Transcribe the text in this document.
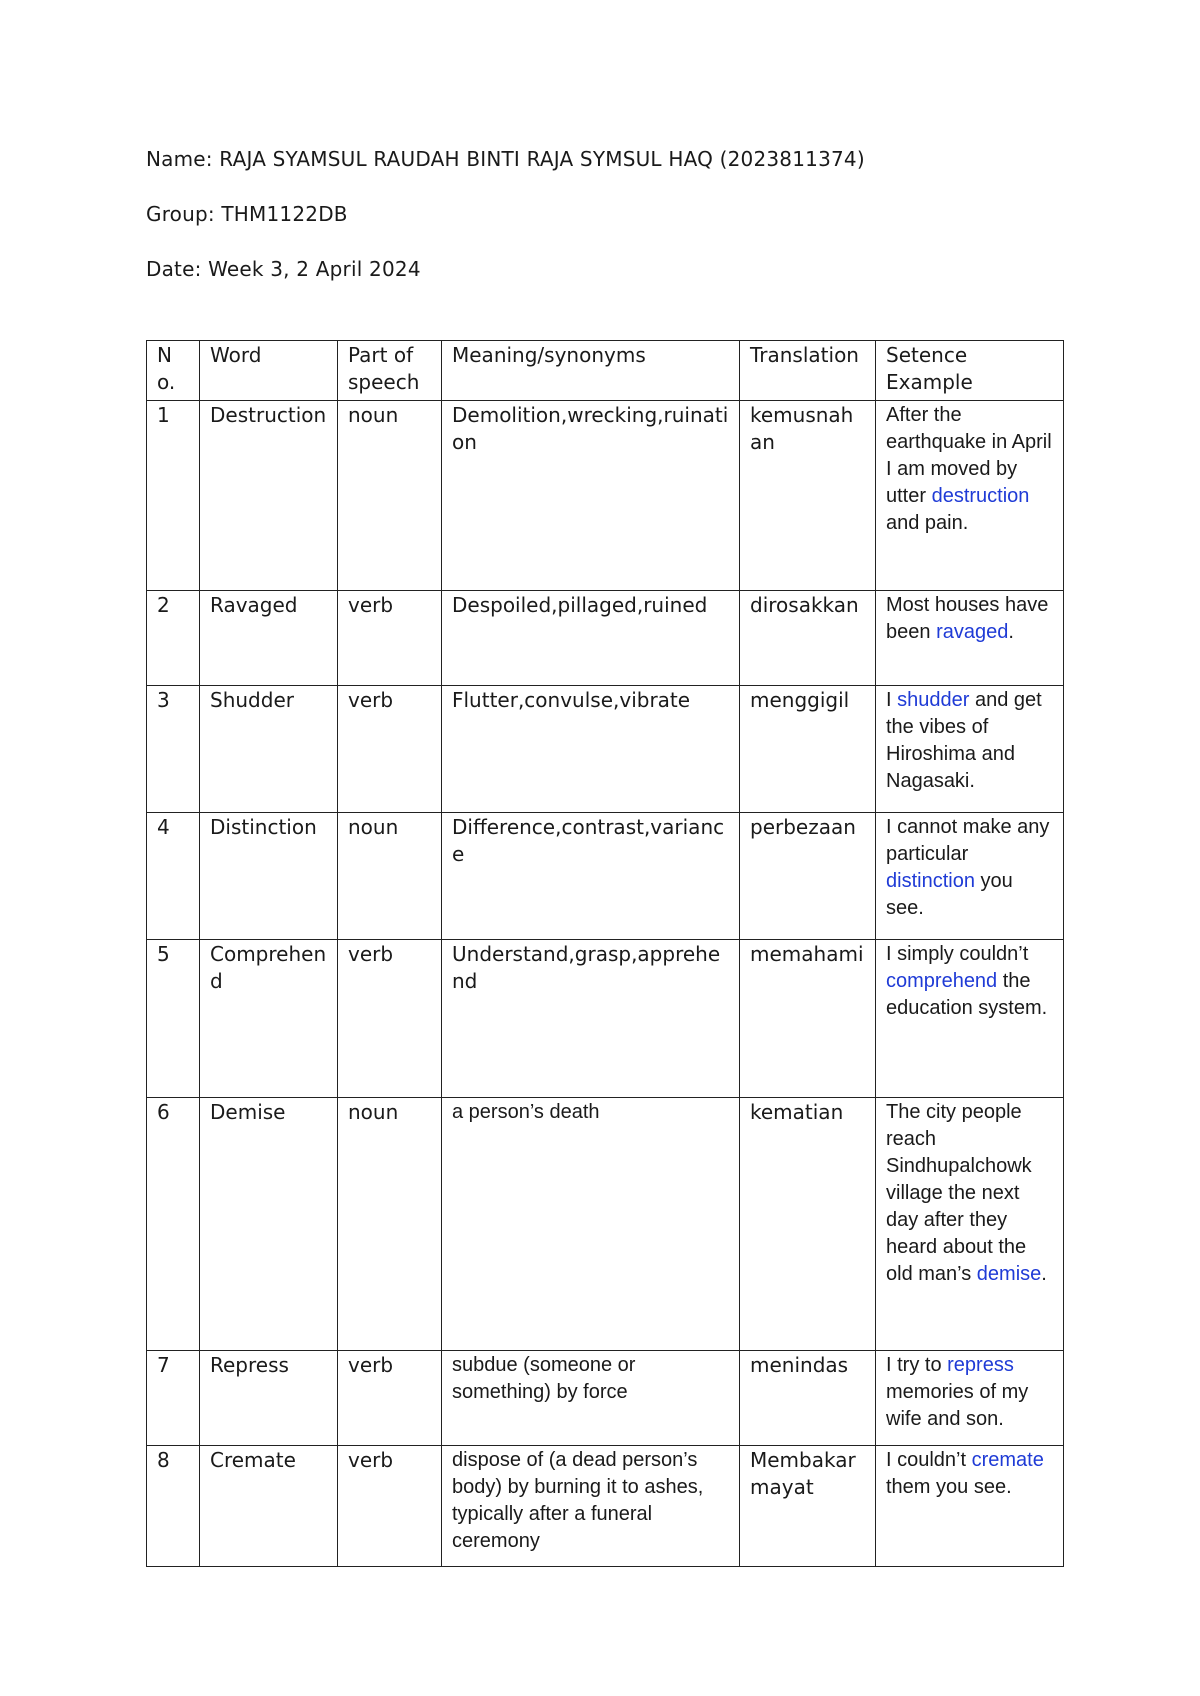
Name: RAJA SYAMSUL RAUDAH BINTI RAJA SYMSUL HAQ (2023811374)
Group: THM1122DB
Date: Week 3, 2 April 2024
No.	Word	Part of speech	Meaning/synonyms	Translation	Setence Example
1	Destruction	noun	Demolition,wrecking,ruination	kemusnahan	After the earthquake in April I am moved by utter destruction and pain.
2	Ravaged	verb	Despoiled,pillaged,ruined	dirosakkan	Most houses have been ravaged.
3	Shudder	verb	Flutter,convulse,vibrate	menggigil	I shudder and get the vibes of Hiroshima and Nagasaki.
4	Distinction	noun	Difference,contrast,variance	perbezaan	I cannot make any particular distinction you see.
5	Comprehend	verb	Understand,grasp,apprehend	memahami	I simply couldn’t comprehend the education system.
6	Demise	noun	a person’s death	kematian	The city people reach Sindhupalchowk village the next day after they heard about the old man’s demise.
7	Repress	verb	subdue (someone or something) by force	menindas	I try to repress memories of my wife and son.
8	Cremate	verb	dispose of (a dead person’s body) by burning it to ashes, typically after a funeral ceremony	Membakar mayat	I couldn’t cremate them you see.
